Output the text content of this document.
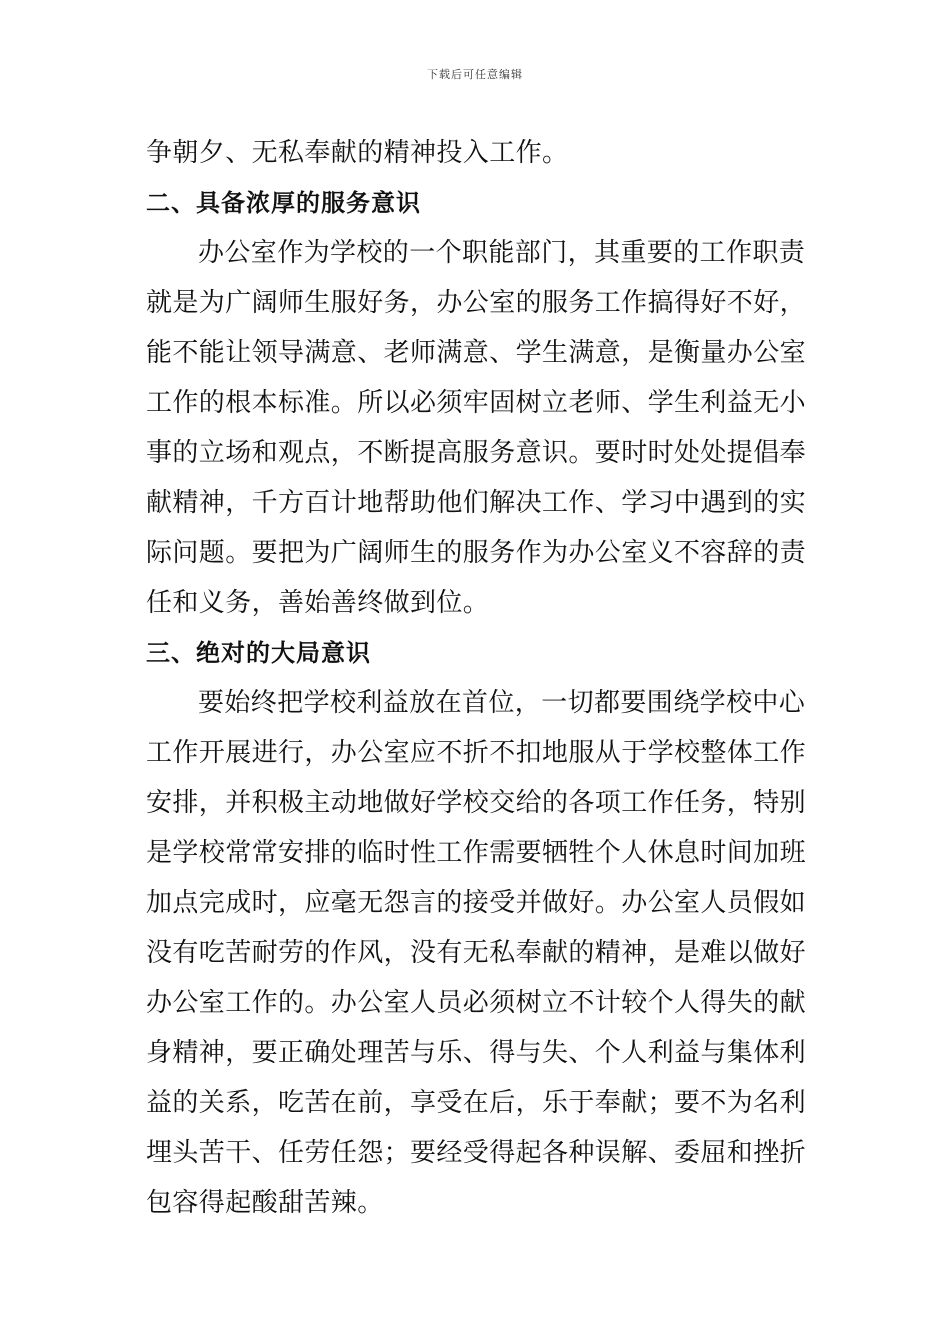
下载后可任意编辑
争朝夕、无私奉献的精神投入工作。
二、具备浓厚的服务意识
办公室作为学校的一个职能部门，其重要的工作职责
就是为广阔师生服好务，办公室的服务工作搞得好不好，
能不能让领导满意、老师满意、学生满意，是衡量办公室
工作的根本标准。所以必须牢固树立老师、学生利益无小
事的立场和观点，不断提高服务意识。要时时处处提倡奉
献精神，千方百计地帮助他们解决工作、学习中遇到的实
际问题。要把为广阔师生的服务作为办公室义不容辞的责
任和义务，善始善终做到位。
三、绝对的大局意识
要始终把学校利益放在首位，一切都要围绕学校中心
工作开展进行，办公室应不折不扣地服从于学校整体工作
安排，并积极主动地做好学校交给的各项工作任务，特别
是学校常常安排的临时性工作需要牺牲个人休息时间加班
加点完成时，应毫无怨言的接受并做好。办公室人员假如
没有吃苦耐劳的作风，没有无私奉献的精神，是难以做好
办公室工作的。办公室人员必须树立不计较个人得失的献
身精神，要正确处理苦与乐、得与失、个人利益与集体利
益的关系，吃苦在前，享受在后，乐于奉献；要不为名利
埋头苦干、任劳任怨；要经受得起各种误解、委屈和挫折
包容得起酸甜苦辣。
